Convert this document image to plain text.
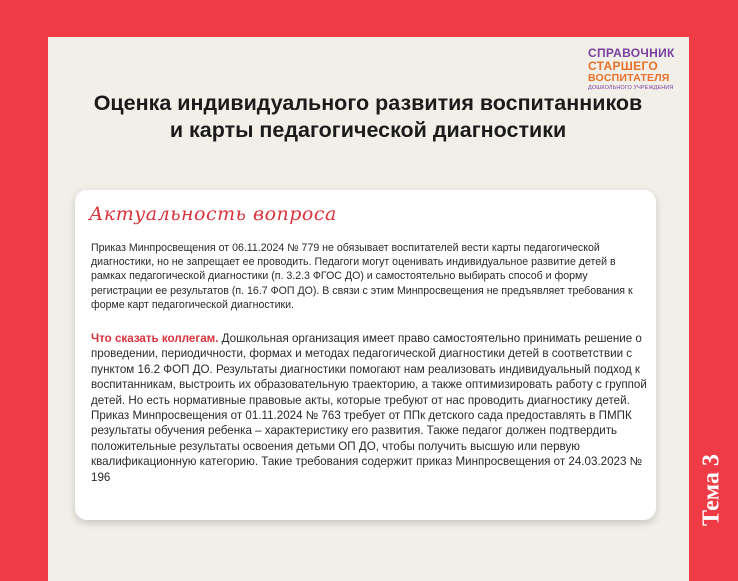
СПРАВОЧНИК
СТАРШЕГО
ВОСПИТАТЕЛЯ
ДОШКОЛЬНОГО УЧРЕЖДЕНИЯ
Оценка индивидуального развития воспитанников и карты педагогической диагностики
Актуальность вопроса

Приказ Минпросвещения от 06.11.2024 № 779 не обязывает воспитателей вести карты педагогической диагностики, но не запрещает ее проводить. Педагоги могут оценивать индивидуальное развитие детей в рамках педагогической диагностики (п. 3.2.3 ФГОС ДО) и самостоятельно выбирать способ и форму регистрации ее результатов (п. 16.7 ФОП ДО). В связи с этим Минпросвещения не предъявляет требования к форме карт педагогической диагностики.

Что сказать коллегам. Дошкольная организация имеет право самостоятельно принимать решение о проведении, периодичности, формах и методах педагогической диагностики детей в соответствии с пунктом 16.2 ФОП ДО. Результаты диагностики помогают нам реализовать индивидуальный подход к воспитанникам, выстроить их образовательную траекторию, а также оптимизировать работу с группой детей. Но есть нормативные правовые акты, которые требуют от нас проводить диагностику детей. Приказ Минпросвещения от 01.11.2024 № 763 требует от ППк детского сада предоставлять в ПМПК результаты обучения ребенка – характеристику его развития. Также педагог должен подтвердить положительные результаты освоения детьми ОП ДО, чтобы получить высшую или первую квалификационную категорию. Такие требования содержит приказ Минпросвещения от 24.03.2023 № 196	Тема 3
